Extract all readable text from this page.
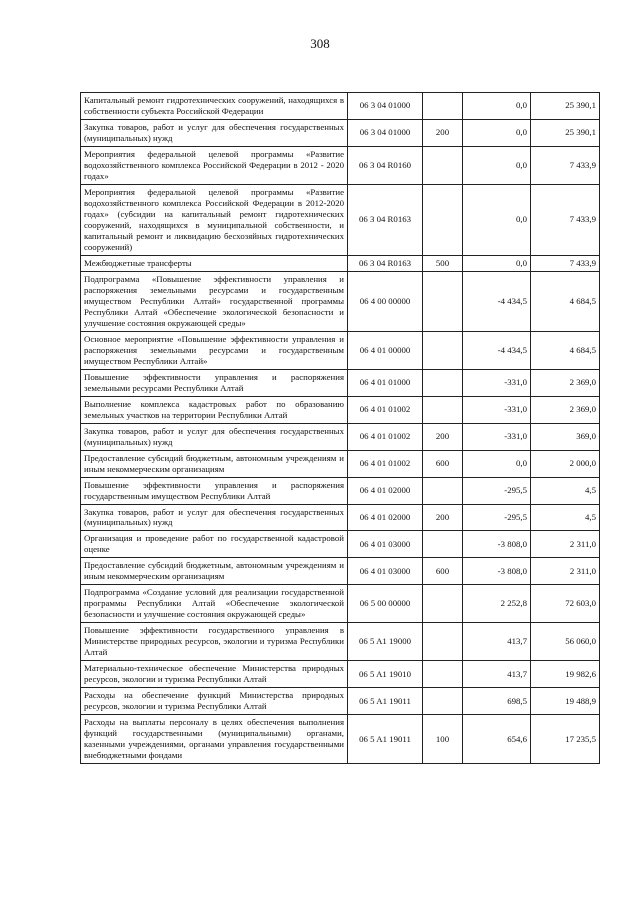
308
Капитальный ремонт гидротехнических сооружений, находящихся в собственности субъекта Российской Федерации	06 3 04 01000		0,0	25 390,1
Закупка товаров, работ и услуг для обеспечения государственных (муниципальных) нужд	06 3 04 01000	200	0,0	25 390,1
Мероприятия федеральной целевой программы «Развитие водохозяйственного комплекса Российской Федерации в 2012 - 2020 годах»	06 3 04 R0160		0,0	7 433,9
Мероприятия федеральной целевой программы «Развитие водохозяйственного комплекса Российской Федерации в 2012-2020 годах» (субсидии на капитальный ремонт гидротехнических сооружений, находящихся в муниципальной собственности, и капитальный ремонт и ликвидацию бесхозяйных гидротехнических сооружений)	06 3 04 R0163		0,0	7 433,9
Межбюджетные трансферты	06 3 04 R0163	500	0,0	7 433,9
Подпрограмма «Повышение эффективности управления и распоряжения земельными ресурсами и государственным имуществом Республики Алтай» государственной программы Республики Алтай «Обеспечение экологической безопасности и улучшение состояния окружающей среды»	06 4 00 00000		-4 434,5	4 684,5
Основное мероприятие «Повышение эффективности управления и распоряжения земельными ресурсами и государственным имуществом Республики Алтай»	06 4 01 00000		-4 434,5	4 684,5
Повышение эффективности управления и распоряжения земельными ресурсами Республики Алтай	06 4 01 01000		-331,0	2 369,0
Выполнение комплекса кадастровых работ по образованию земельных участков на территории Республики Алтай	06 4 01 01002		-331,0	2 369,0
Закупка товаров, работ и услуг для обеспечения государственных (муниципальных) нужд	06 4 01 01002	200	-331,0	369,0
Предоставление субсидий бюджетным, автономным учреждениям и иным некоммерческим организациям	06 4 01 01002	600	0,0	2 000,0
Повышение эффективности управления и распоряжения государственным имуществом Республики Алтай	06 4 01 02000		-295,5	4,5
Закупка товаров, работ и услуг для обеспечения государственных (муниципальных) нужд	06 4 01 02000	200	-295,5	4,5
Организация и проведение работ по государственной кадастровой оценке	06 4 01 03000		-3 808,0	2 311,0
Предоставление субсидий бюджетным, автономным учреждениям и иным некоммерческим организациям	06 4 01 03000	600	-3 808,0	2 311,0
Подпрограмма «Создание условий для реализации государственной программы Республики Алтай «Обеспечение экологической безопасности и улучшение состояния окружающей среды»	06 5 00 00000		2 252,8	72 603,0
Повышение эффективности государственного управления в Министерстве природных ресурсов, экологии и туризма Республики Алтай	06 5 A1 19000		413,7	56 060,0
Материально-техническое обеспечение Министерства природных ресурсов, экологии и туризма Республики Алтай	06 5 A1 19010		413,7	19 982,6
Расходы на обеспечение функций Министерства природных ресурсов, экологии и туризма Республики Алтай	06 5 A1 19011		698,5	19 488,9
Расходы на выплаты персоналу в целях обеспечения выполнения функций государственными (муниципальными) органами, казенными учреждениями, органами управления государственными внебюджетными фондами	06 5 A1 19011	100	654,6	17 235,5
